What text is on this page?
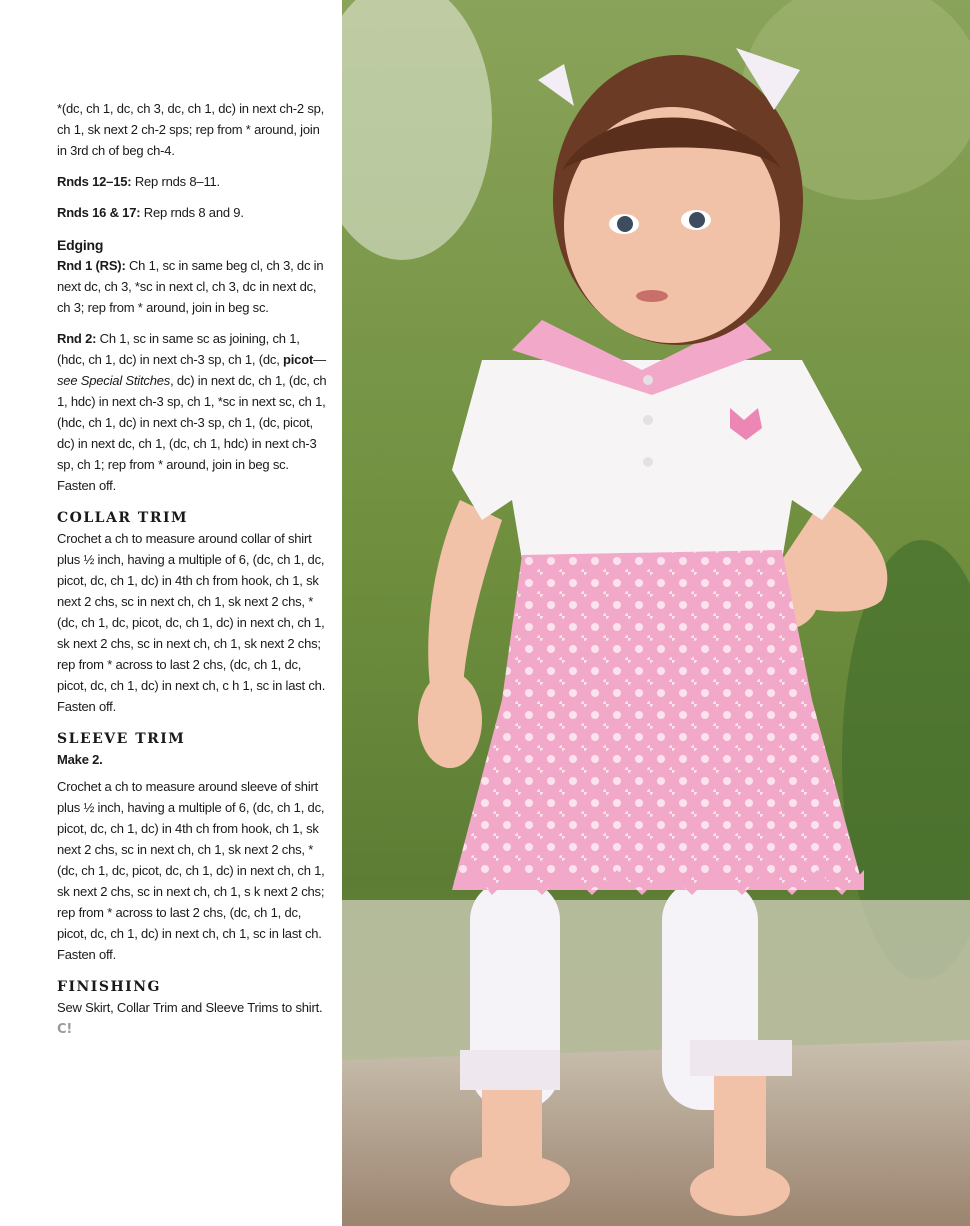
*(dc, ch 1, dc, ch 3, dc, ch 1, dc) in next ch-2 sp, ch 1, sk next 2 ch-2 sps; rep from * around, join in 3rd ch of beg ch-4.

Rnds 12–15: Rep rnds 8–11.

Rnds 16 & 17: Rep rnds 8 and 9.

Edging

Rnd 1 (RS): Ch 1, sc in same beg cl, ch 3, dc in next dc, ch 3, *sc in next cl, ch 3, dc in next dc, ch 3; rep from * around, join in beg sc.

Rnd 2: Ch 1, sc in same sc as joining, ch 1, (hdc, ch 1, dc) in next ch-3 sp, ch 1, (dc, picot—see Special Stitches, dc) in next dc, ch 1, (dc, ch 1, hdc) in next ch-3 sp, ch 1, *sc in next sc, ch 1, (hdc, ch 1, dc) in next ch-3 sp, ch 1, (dc, picot, dc) in next dc, ch 1, (dc, ch 1, hdc) in next ch-3 sp, ch 1; rep from * around, join in beg sc. Fasten off.

COLLAR TRIM

Crochet a ch to measure around collar of shirt plus ½ inch, having a multiple of 6, (dc, ch 1, dc, picot, dc, ch 1, dc) in 4th ch from hook, ch 1, sk next 2 chs, sc in next ch, ch 1, sk next 2 chs, *(dc, ch 1, dc, picot, dc, ch 1, dc) in next ch, ch 1, sk next 2 chs, sc in next ch, ch 1, sk next 2 chs; rep from * across to last 2 chs, (dc, ch 1, dc, picot, dc, ch 1, dc) in next ch, c h 1, sc in last ch. Fasten off.

SLEEVE TRIM
Make 2.

Crochet a ch to measure around sleeve of shirt plus ½ inch, having a multiple of 6, (dc, ch 1, dc, picot, dc, ch 1, dc) in 4th ch from hook, ch 1, sk next 2 chs, sc in next ch, ch 1, sk next 2 chs, *(dc, ch 1, dc, picot, dc, ch 1, dc) in next ch, ch 1, sk next 2 chs, sc in next ch, ch 1, s k next 2 chs; rep from * across to last 2 chs, (dc, ch 1, dc, picot, dc, ch 1, dc) in next ch, ch 1, sc in last ch. Fasten off.

FINISHING

Sew Skirt, Collar Trim and Sleeve Trims to shirt. C!
